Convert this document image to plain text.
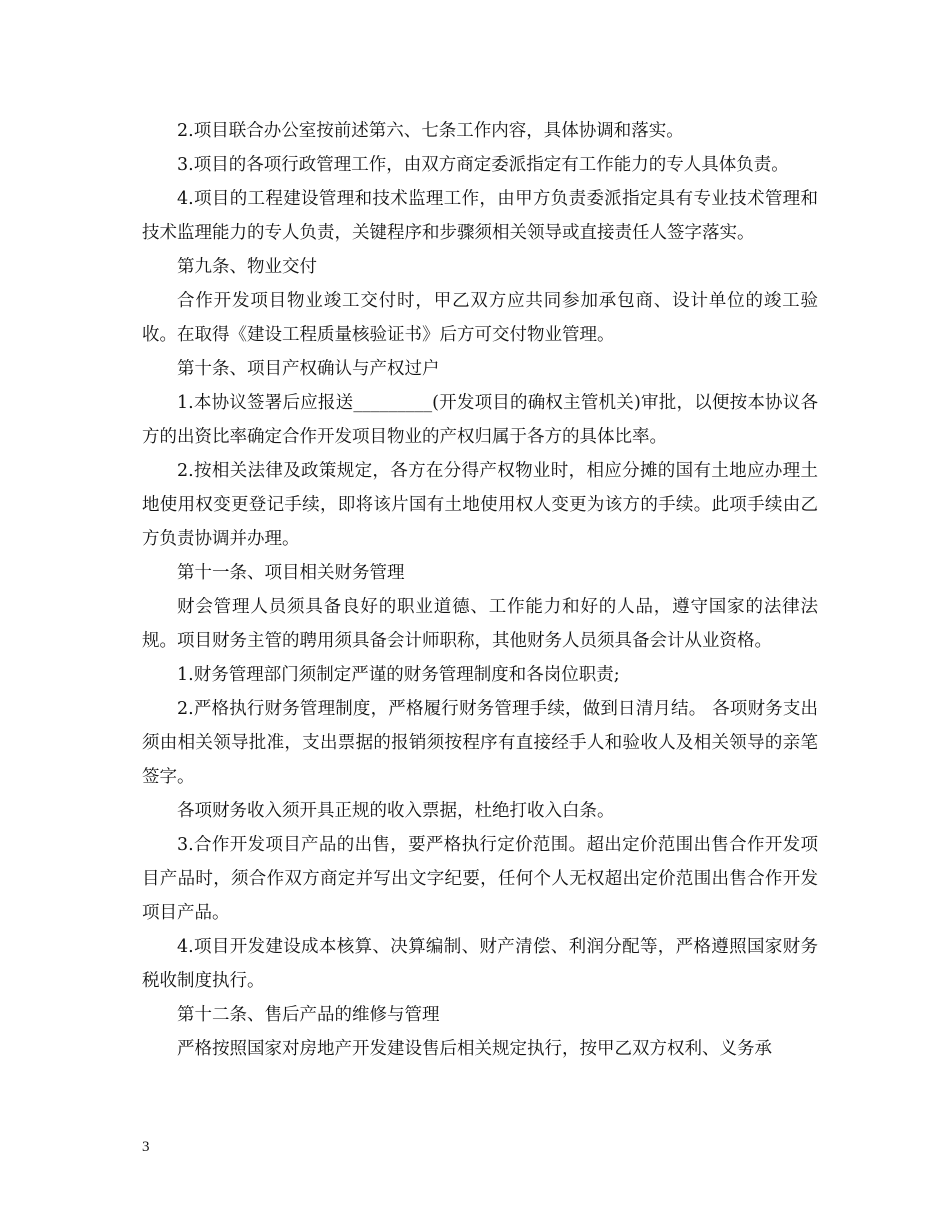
2.项目联合办公室按前述第六、七条工作内容，具体协调和落实。

3.项目的各项行政管理工作，由双方商定委派指定有工作能力的专人具体负责。

4.项目的工程建设管理和技术监理工作，由甲方负责委派指定具有专业技术管理和技术监理能力的专人负责，关键程序和步骤须相关领导或直接责任人签字落实。

第九条、物业交付

合作开发项目物业竣工交付时，甲乙双方应共同参加承包商、设计单位的竣工验收。在取得《建设工程质量核验证书》后方可交付物业管理。

第十条、项目产权确认与产权过户

1.本协议签署后应报送_________(开发项目的确权主管机关)审批，以便按本协议各方的出资比率确定合作开发项目物业的产权归属于各方的具体比率。

2.按相关法律及政策规定，各方在分得产权物业时，相应分摊的国有土地应办理土地使用权变更登记手续，即将该片国有土地使用权人变更为该方的手续。此项手续由乙方负责协调并办理。

第十一条、项目相关财务管理

财会管理人员须具备良好的职业道德、工作能力和好的人品，遵守国家的法律法规。项目财务主管的聘用须具备会计师职称，其他财务人员须具备会计从业资格。

1.财务管理部门须制定严谨的财务管理制度和各岗位职责;

2.严格执行财务管理制度，严格履行财务管理手续，做到日清月结。 各项财务支出须由相关领导批准，支出票据的报销须按程序有直接经手人和验收人及相关领导的亲笔签字。

各项财务收入须开具正规的收入票据，杜绝打收入白条。

3.合作开发项目产品的出售，要严格执行定价范围。超出定价范围出售合作开发项目产品时，须合作双方商定并写出文字纪要，任何个人无权超出定价范围出售合作开发项目产品。

4.项目开发建设成本核算、决算编制、财产清偿、利润分配等，严格遵照国家财务税收制度执行。

第十二条、售后产品的维修与管理

严格按照国家对房地产开发建设售后相关规定执行，按甲乙双方权利、义务承

3
